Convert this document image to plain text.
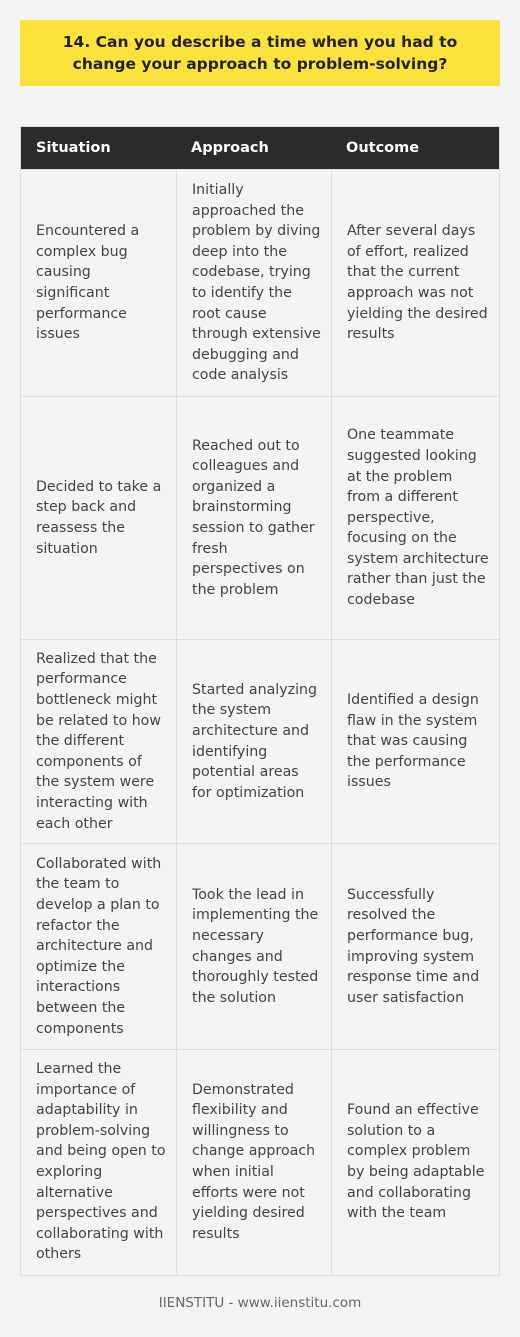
14. Can you describe a time when you had to change your approach to problem-solving?
Situation	Approach	Outcome
Encountered a complex bug causing significant performance issues
Initially approached the problem by diving deep into the codebase, trying to identify the root cause through extensive debugging and code analysis
After several days of effort, realized that the current approach was not yielding the desired results
Decided to take a step back and reassess the situation
Reached out to colleagues and organized a brainstorming session to gather fresh perspectives on the problem
One teammate suggested looking at the problem from a different perspective, focusing on the system architecture rather than just the codebase
Realized that the performance bottleneck might be related to how the different components of the system were interacting with each other
Started analyzing the system architecture and identifying potential areas for optimization
Identified a design flaw in the system that was causing the performance issues
Collaborated with the team to develop a plan to refactor the architecture and optimize the interactions between the components
Took the lead in implementing the necessary changes and thoroughly tested the solution
Successfully resolved the performance bug, improving system response time and user satisfaction
Learned the importance of adaptability in problem-solving and being open to exploring alternative perspectives and collaborating with others
Demonstrated flexibility and willingness to change approach when initial efforts were not yielding desired results
Found an effective solution to a complex problem by being adaptable and collaborating with the team
IIENSTITU - www.iienstitu.com
